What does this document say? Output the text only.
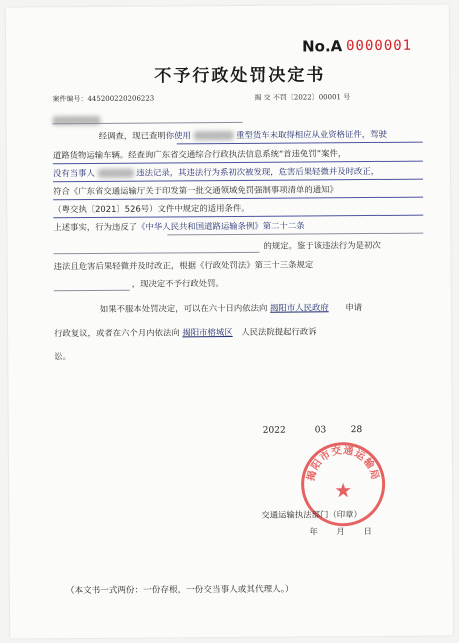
No.A 0000001
不予行政处罚决定书
案件编号：445200220206223	揭 交 不罚〔2022〕00001 号
经调查，现已查明你使用	重型货车未取得相应从业资格证件，驾驶
道路货物运输车辆。经查询广东省交通综合行政执法信息系统“首违免罚”案件，
没有当事人	违法记录，其违法行为系初次被发现，危害后果轻微并及时改正，
符合《广东省交通运输厅关于印发第一批交通领域免罚强制事项清单的通知》
（粤交执〔2021〕526号）文件中规定的适用条件。
上述事实，行为违反了《中华人民共和国道路运输条例》第二十二条
的规定。鉴于该违法行为是初次
违法且危害后果轻微并及时改正，根据《行政处罚法》第三十三条规定
，现决定不予行政处罚。
如果不服本处罚决定，可以在六十日内依法向 揭阳市人民政府 申请
行政复议，或者在六个月内依法向 揭阳市榕城区 人民法院提起行政诉
讼。
2022	03	28
揭阳市交通运输局
★
交通运输执法部门（印章）
年 月 日
（本文书一式两份：一份存根，一份交当事人或其代理人。）
